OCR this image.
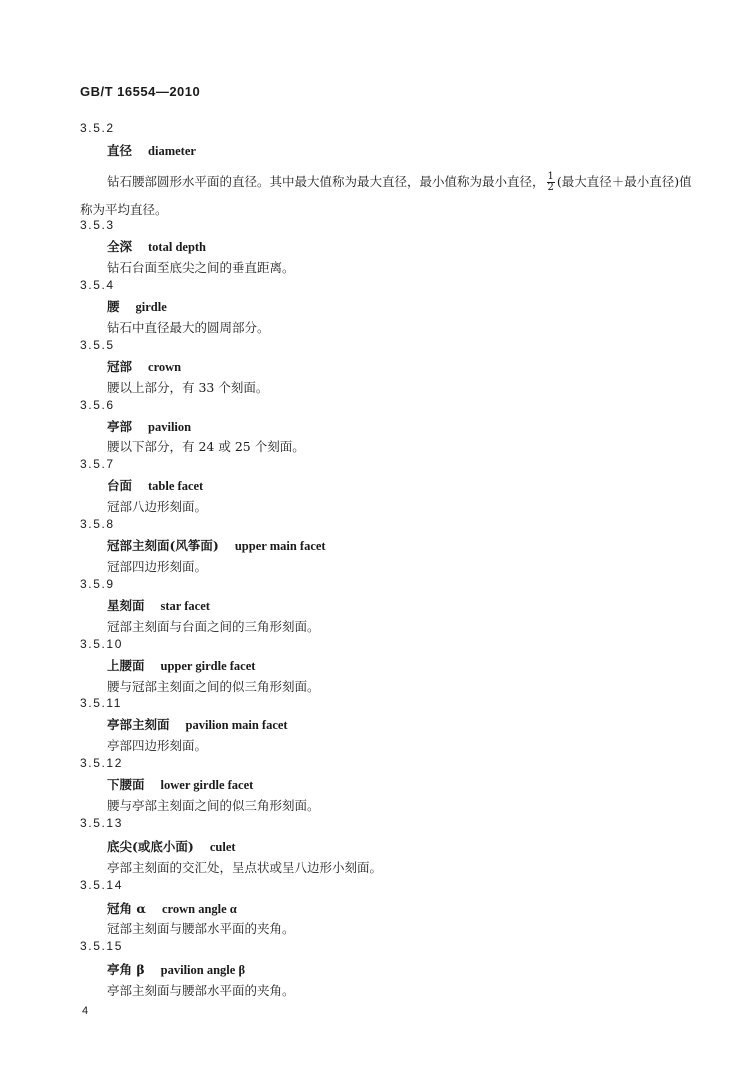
GB/T 16554—2010
3.5.2
直径 diameter
钻石腰部圆形水平面的直径。其中最大值称为最大直径，最小值称为最小直径， $\frac{1}{2}$ (最大直径＋最小直径)值称为平均直径。
3.5.3
全深 total depth
钻石台面至底尖之间的垂直距离。
3.5.4
腰 girdle
钻石中直径最大的圆周部分。
3.5.5
冠部 crown
腰以上部分，有 33 个刻面。
3.5.6
亭部 pavilion
腰以下部分，有 24 或 25 个刻面。
3.5.7
台面 table facet
冠部八边形刻面。
3.5.8
冠部主刻面(风筝面) upper main facet
冠部四边形刻面。
3.5.9
星刻面 star facet
冠部主刻面与台面之间的三角形刻面。
3.5.10
上腰面 upper girdle facet
腰与冠部主刻面之间的似三角形刻面。
3.5.11
亭部主刻面 pavilion main facet
亭部四边形刻面。
3.5.12
下腰面 lower girdle facet
腰与亭部主刻面之间的似三角形刻面。
3.5.13
底尖(或底小面) culet
亭部主刻面的交汇处，呈点状或呈八边形小刻面。
3.5.14
冠角 α crown angle α
冠部主刻面与腰部水平面的夹角。
3.5.15
亭角 β pavilion angle β
亭部主刻面与腰部水平面的夹角。
4
